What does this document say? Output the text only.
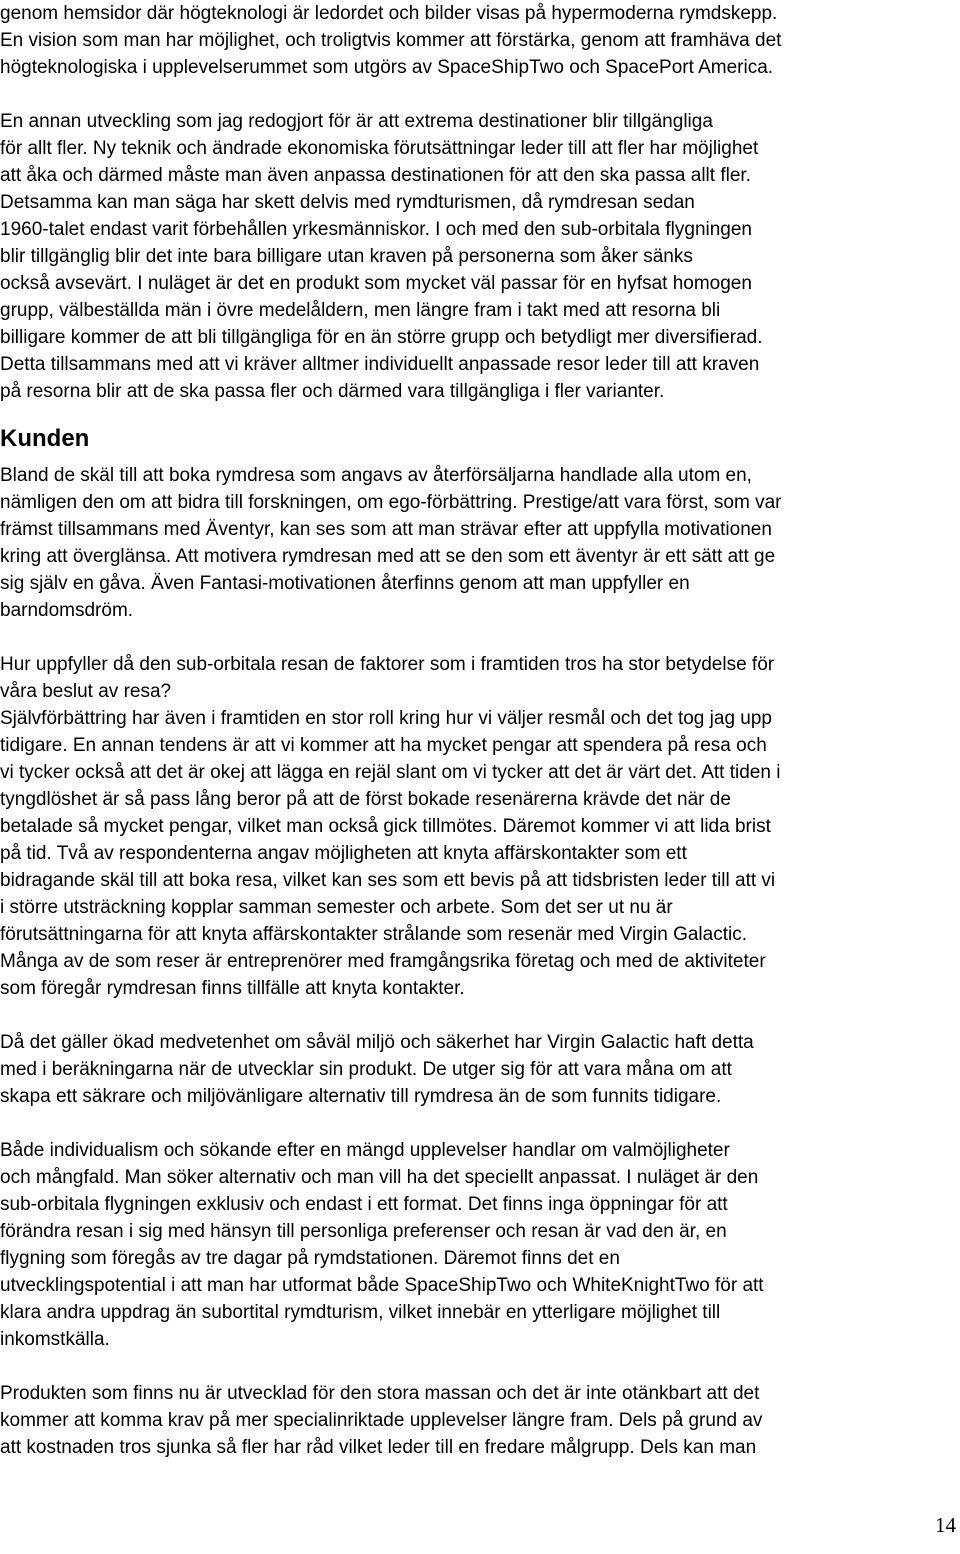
genom hemsidor där högteknologi är ledordet och bilder visas på hypermoderna rymdskepp.
En vision som man har möjlighet, och troligtvis kommer att förstärka, genom att framhäva det
högteknologiska i upplevelserummet som utgörs av SpaceShipTwo och SpacePort America.

En annan utveckling som jag redogjort för är att extrema destinationer blir tillgängliga
för allt fler. Ny teknik och ändrade ekonomiska förutsättningar leder till att fler har möjlighet
att åka och därmed måste man även anpassa destinationen för att den ska passa allt fler.
Detsamma kan man säga har skett delvis med rymdturismen, då rymdresan sedan
1960-talet endast varit förbehållen yrkesmänniskor. I och med den sub-orbitala flygningen
blir tillgänglig blir det inte bara billigare utan kraven på personerna som åker sänks
också avsevärt. I nuläget är det en produkt som mycket väl passar för en hyfsat homogen
grupp, välbeställda män i övre medelåldern, men längre fram i takt med att resorna bli
billigare kommer de att bli tillgängliga för en än större grupp och betydligt mer diversifierad.
Detta tillsammans med att vi kräver alltmer individuellt anpassade resor leder till att kraven
på resorna blir att de ska passa fler och därmed vara tillgängliga i fler varianter.

Kunden

Bland de skäl till att boka rymdresa som angavs av återförsäljarna handlade alla utom en,
nämligen den om att bidra till forskningen, om ego-förbättring. Prestige/att vara först, som var
främst tillsammans med Äventyr, kan ses som att man strävar efter att uppfylla motivationen
kring att överglänsa. Att motivera rymdresan med att se den som ett äventyr är ett sätt att ge
sig själv en gåva. Även Fantasi-motivationen återfinns genom att man uppfyller en
barndomsdröm.

Hur uppfyller då den sub-orbitala resan de faktorer som i framtiden tros ha stor betydelse för
våra beslut av resa?
Självförbättring har även i framtiden en stor roll kring hur vi väljer resmål och det tog jag upp
tidigare. En annan tendens är att vi kommer att ha mycket pengar att spendera på resa och
vi tycker också att det är okej att lägga en rejäl slant om vi tycker att det är värt det. Att tiden i
tyngdlöshet är så pass lång beror på att de först bokade resenärerna krävde det när de
betalade så mycket pengar, vilket man också gick tillmötes. Däremot kommer vi att lida brist
på tid. Två av respondenterna angav möjligheten att knyta affärskontakter som ett
bidragande skäl till att boka resa, vilket kan ses som ett bevis på att tidsbristen leder till att vi
i större utsträckning kopplar samman semester och arbete. Som det ser ut nu är
förutsättningarna för att knyta affärskontakter strålande som resenär med Virgin Galactic.
Många av de som reser är entreprenörer med framgångsrika företag och med de aktiviteter
som föregår rymdresan finns tillfälle att knyta kontakter.

Då det gäller ökad medvetenhet om såväl miljö och säkerhet har Virgin Galactic haft detta
med i beräkningarna när de utvecklar sin produkt. De utger sig för att vara måna om att
skapa ett säkrare och miljövänligare alternativ till rymdresa än de som funnits tidigare.

Både individualism och sökande efter en mängd upplevelser handlar om valmöjligheter
och mångfald. Man söker alternativ och man vill ha det speciellt anpassat. I nuläget är den
sub-orbitala flygningen exklusiv och endast i ett format. Det finns inga öppningar för att
förändra resan i sig med hänsyn till personliga preferenser och resan är vad den är, en
flygning som föregås av tre dagar på rymdstationen. Däremot finns det en
utvecklingspotential i att man har utformat både SpaceShipTwo och WhiteKnightTwo för att
klara andra uppdrag än subortital rymdturism, vilket innebär en ytterligare möjlighet till
inkomstkälla.

Produkten som finns nu är utvecklad för den stora massan och det är inte otänkbart att det
kommer att komma krav på mer specialinriktade upplevelser längre fram. Dels på grund av
att kostnaden tros sjunka så fler har råd vilket leder till en fredare målgrupp. Dels kan man

14
